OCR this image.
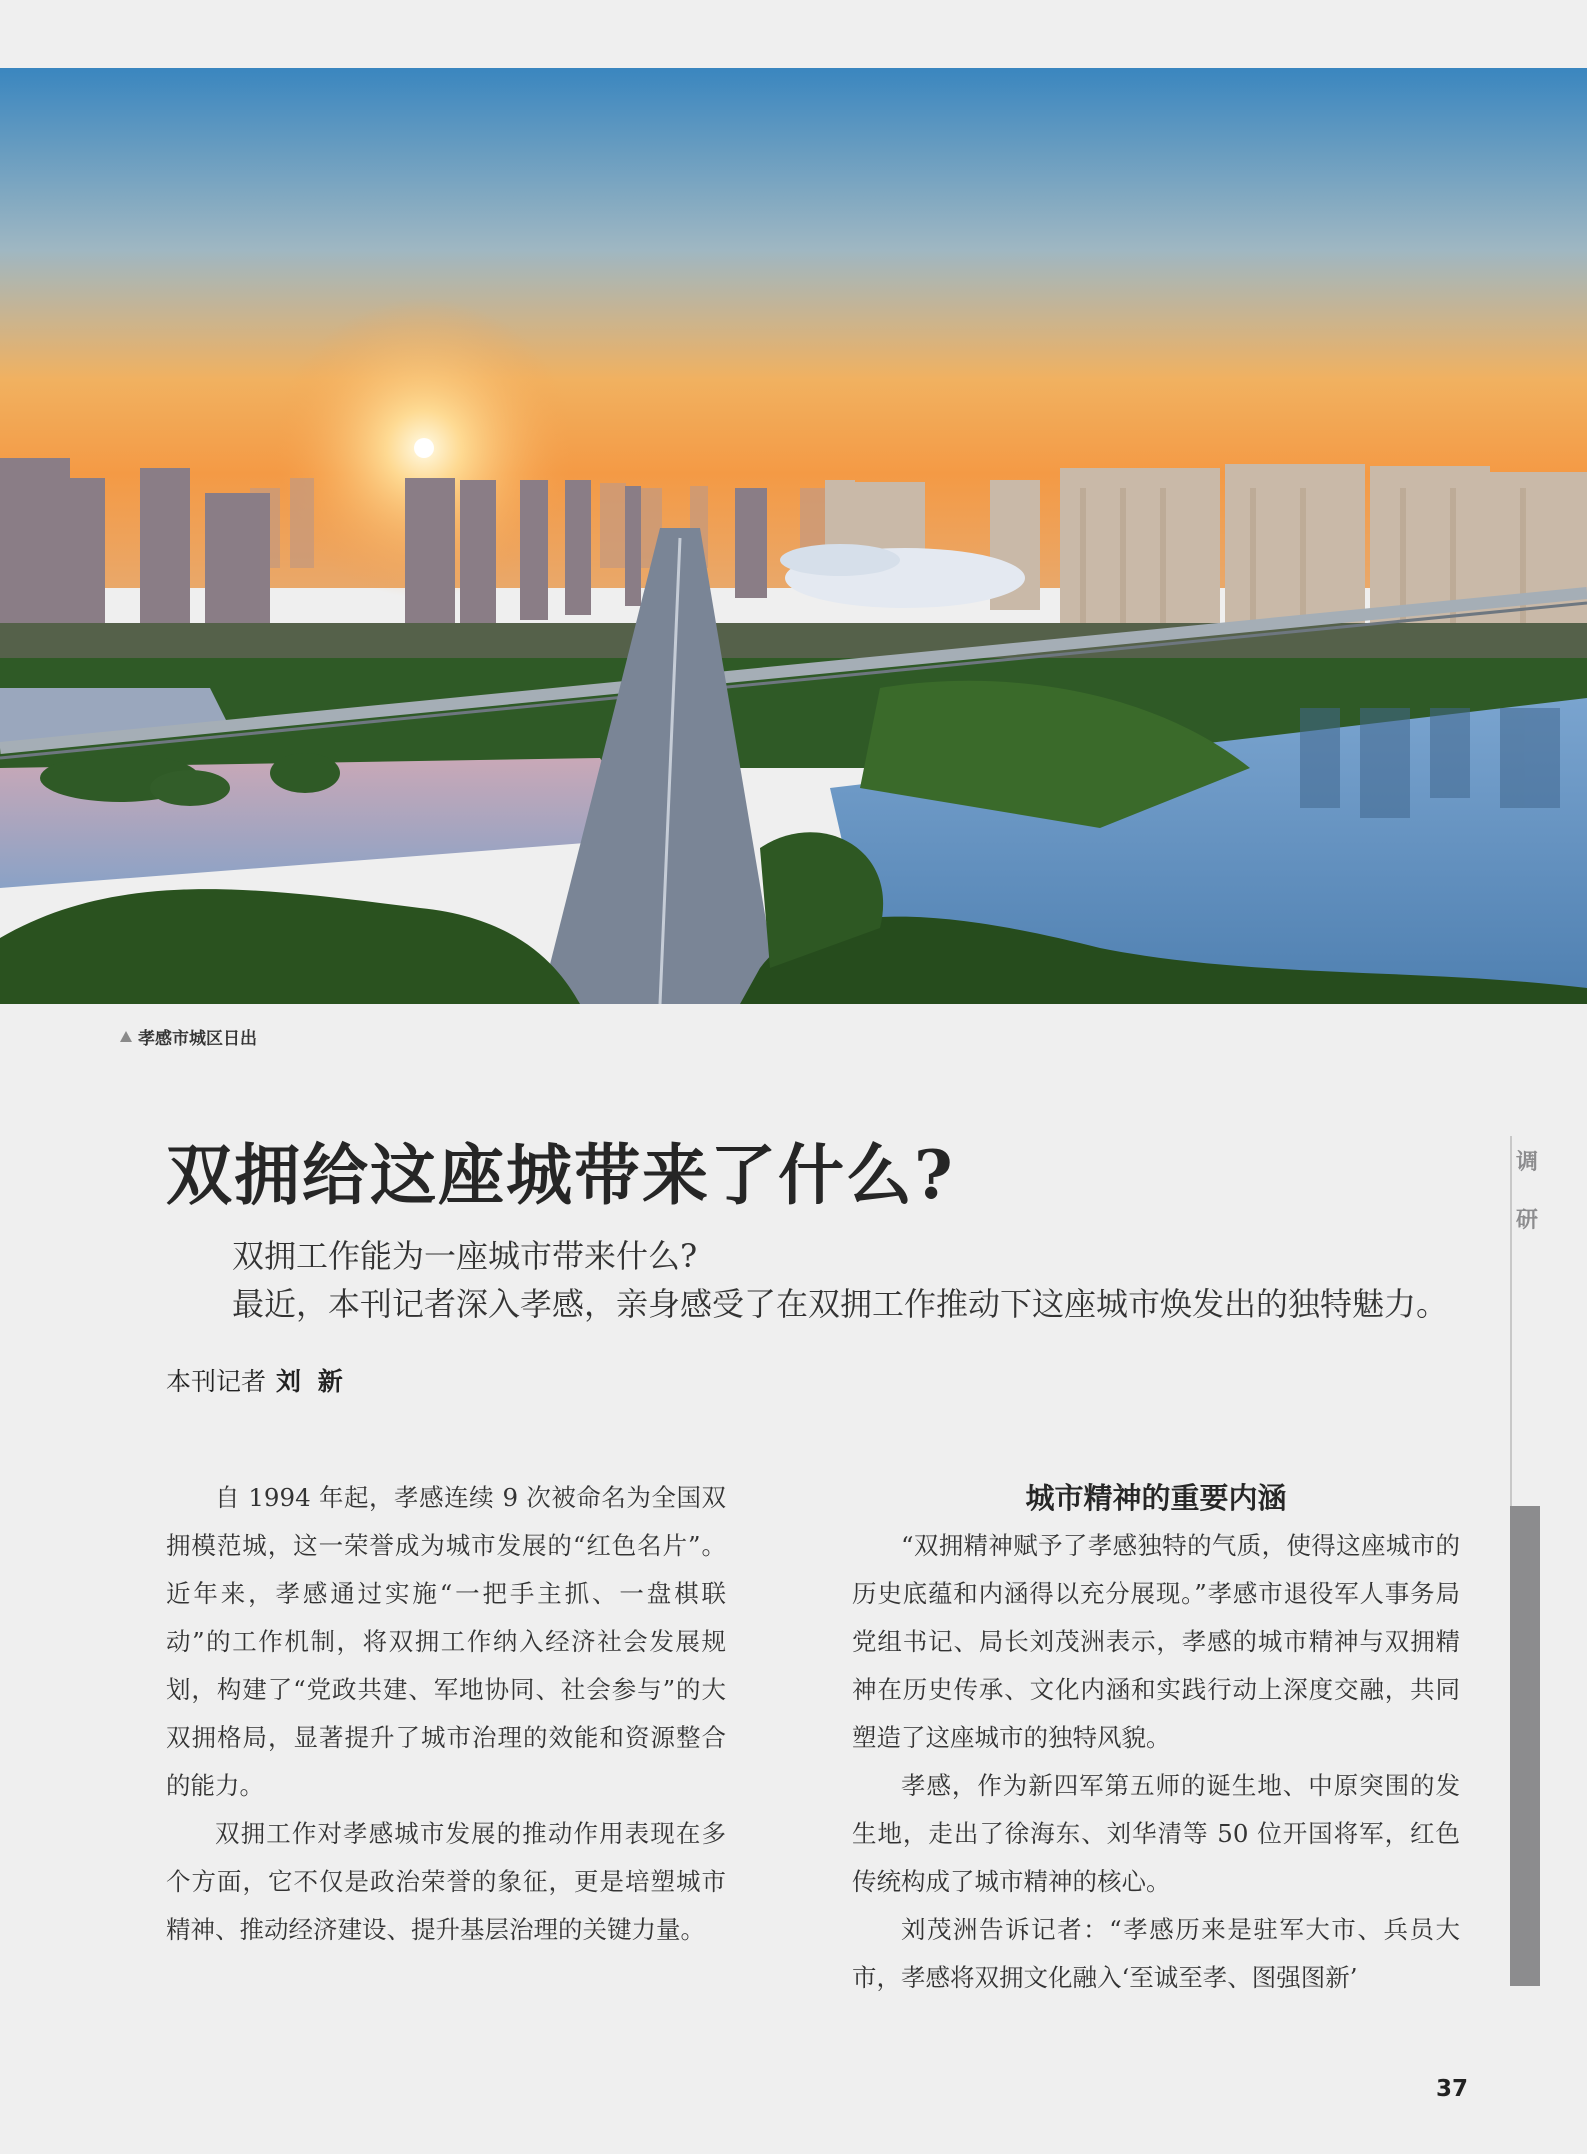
孝感市城区日出
双拥给这座城带来了什么?
双拥工作能为一座城市带来什么?
最近，本刊记者深入孝感，亲身感受了在双拥工作推动下这座城市焕发出的独特魅力。
本刊记者 刘 新
调
研

自 1994 年起，孝感连续 9 次被命名为全国双拥模范城，这一荣誉成为城市发展的“红色名片”。近年来，孝感通过实施“一把手主抓、一盘棋联动”的工作机制，将双拥工作纳入经济社会发展规划，构建了“党政共建、军地协同、社会参与”的大双拥格局，显著提升了城市治理的效能和资源整合的能力。

双拥工作对孝感城市发展的推动作用表现在多个方面，它不仅是政治荣誉的象征，更是培塑城市精神、推动经济建设、提升基层治理的关键力量。

城市精神的重要内涵

“双拥精神赋予了孝感独特的气质，使得这座城市的历史底蕴和内涵得以充分展现。”孝感市退役军人事务局党组书记、局长刘茂洲表示，孝感的城市精神与双拥精神在历史传承、文化内涵和实践行动上深度交融，共同塑造了这座城市的独特风貌。

孝感，作为新四军第五师的诞生地、中原突围的发生地，走出了徐海东、刘华清等 50 位开国将军，红色传统构成了城市精神的核心。

刘茂洲告诉记者：“孝感历来是驻军大市、兵员大市，孝感将双拥文化融入‘至诚至孝、图强图新’

37
